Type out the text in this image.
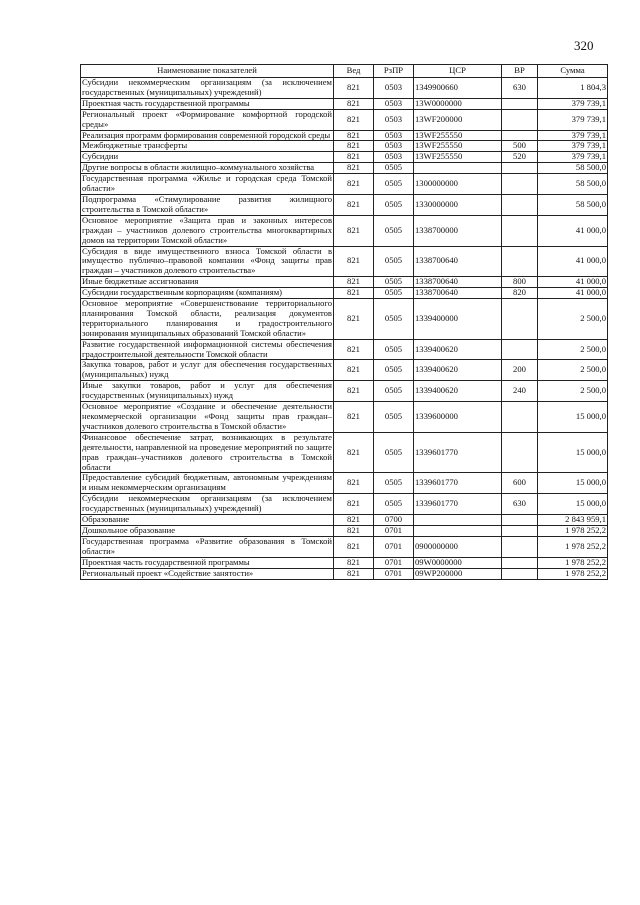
320
Наименование показателей	Вед	РзПР	ЦСР	ВР	Сумма
Субсидии некоммерческим организациям (за исключением государственных (муниципальных) учреждений)	821	0503	1349900660	630	1 804,3
Проектная часть государственной программы	821	0503	13W0000000		379 739,1
Региональный проект «Формирование комфортной городской среды»	821	0503	13WF200000		379 739,1
Реализация программ формирования современной городской среды	821	0503	13WF255550		379 739,1
Межбюджетные трансферты	821	0503	13WF255550	500	379 739,1
Субсидии	821	0503	13WF255550	520	379 739,1
Другие вопросы в области жилищно–коммунального хозяйства	821	0505			58 500,0
Государственная программа «Жилье и городская среда Томской области»	821	0505	1300000000		58 500,0
Подпрограмма «Стимулирование развития жилищного строительства в Томской области»	821	0505	1330000000		58 500,0
Основное мероприятие «Защита прав и законных интересов граждан – участников долевого строительства многоквартирных домов на территории Томской области»	821	0505	1338700000		41 000,0
Субсидия в виде имущественного взноса Томской области в имущество публично–правовой компании «Фонд защиты прав граждан – участников долевого строительства»	821	0505	1338700640		41 000,0
Иные бюджетные ассигнования	821	0505	1338700640	800	41 000,0
Субсидии государственным корпорациям (компаниям)	821	0505	1338700640	820	41 000,0
Основное мероприятие «Совершенствование территориального планирования Томской области, реализация документов территориального планирования и градостроительного зонирования муниципальных образований Томской области»	821	0505	1339400000		2 500,0
Развитие государственной информационной системы обеспечения градостроительной деятельности Томской области	821	0505	1339400620		2 500,0
Закупка товаров, работ и услуг для обеспечения государственных (муниципальных) нужд	821	0505	1339400620	200	2 500,0
Иные закупки товаров, работ и услуг для обеспечения государственных (муниципальных) нужд	821	0505	1339400620	240	2 500,0
Основное мероприятие «Создание и обеспечение деятельности некоммерческой организации «Фонд защиты прав граждан–участников долевого строительства в Томской области»	821	0505	1339600000		15 000,0
Финансовое обеспечение затрат, возникающих в результате деятельности, направленной на проведение мероприятий по защите прав граждан–участников долевого строительства в Томской области	821	0505	1339601770		15 000,0
Предоставление субсидий бюджетным, автономным учреждениям и иным некоммерческим организациям	821	0505	1339601770	600	15 000,0
Субсидии некоммерческим организациям (за исключением государственных (муниципальных) учреждений)	821	0505	1339601770	630	15 000,0
Образование	821	0700			2 843 959,1
Дошкольное образование	821	0701			1 978 252,2
Государственная программа «Развитие образования в Томской области»	821	0701	0900000000		1 978 252,2
Проектная часть государственной программы	821	0701	09W0000000		1 978 252,2
Региональный проект «Содействие занятости»	821	0701	09WP200000		1 978 252,2
